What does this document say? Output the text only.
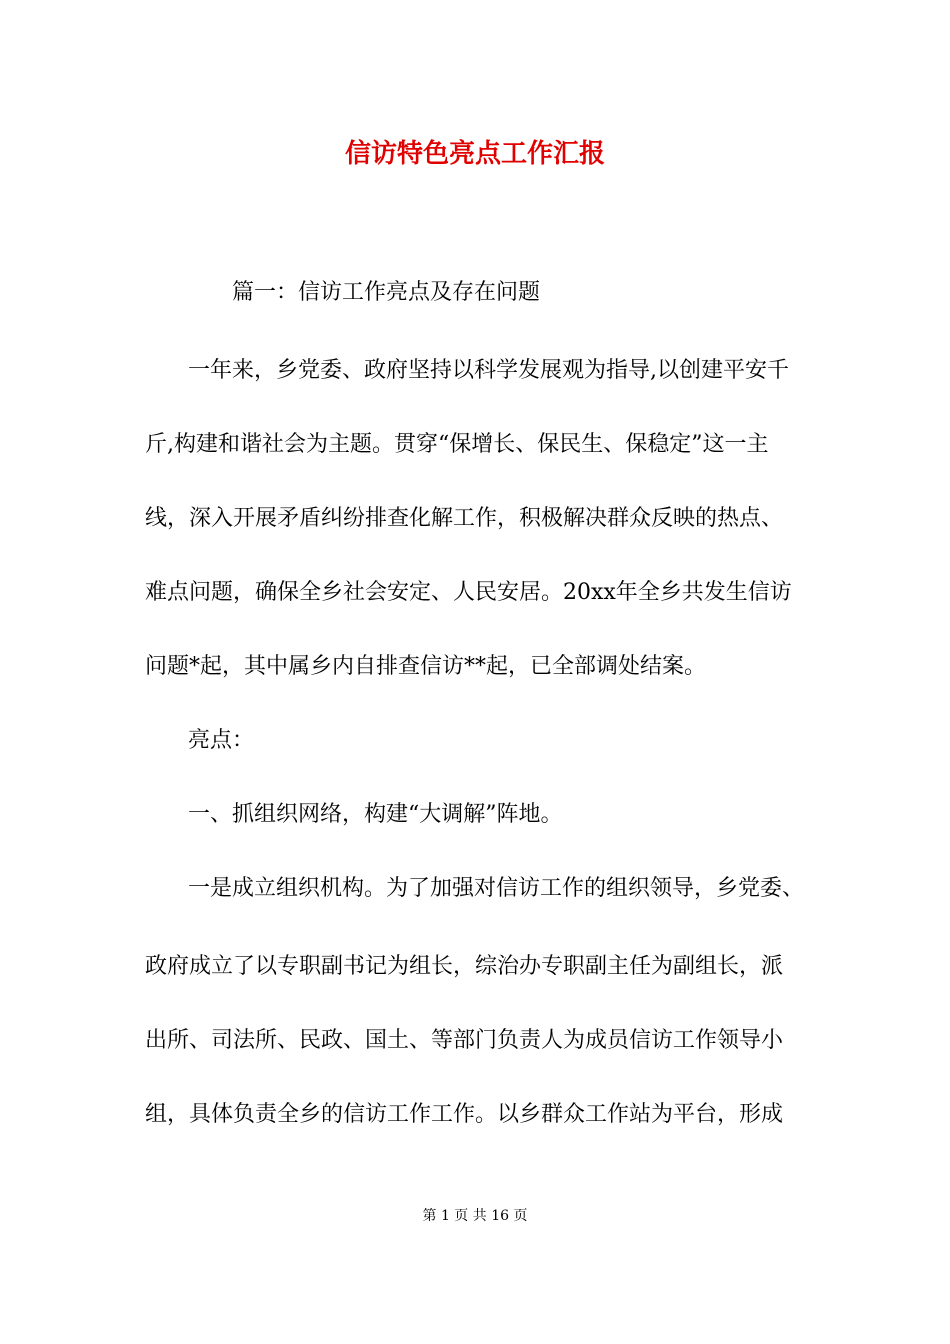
信访特色亮点工作汇报
篇一：信访工作亮点及存在问题
一年来，乡党委、政府坚持以科学发展观为指导,以创建平安千
斤,构建和谐社会为主题。贯穿“保增长、保民生、保稳定”这一主
线，深入开展矛盾纠纷排查化解工作，积极解决群众反映的热点、
难点问题，确保全乡社会安定、人民安居。20xx年全乡共发生信访
问题*起，其中属乡内自排查信访**起，已全部调处结案。
亮点：
一、抓组织网络，构建“大调解”阵地。
一是成立组织机构。为了加强对信访工作的组织领导，乡党委、
政府成立了以专职副书记为组长，综治办专职副主任为副组长，派
出所、司法所、民政、国土、等部门负责人为成员信访工作领导小
组，具体负责全乡的信访工作工作。以乡群众工作站为平台，形成
第 1 页 共 16 页
